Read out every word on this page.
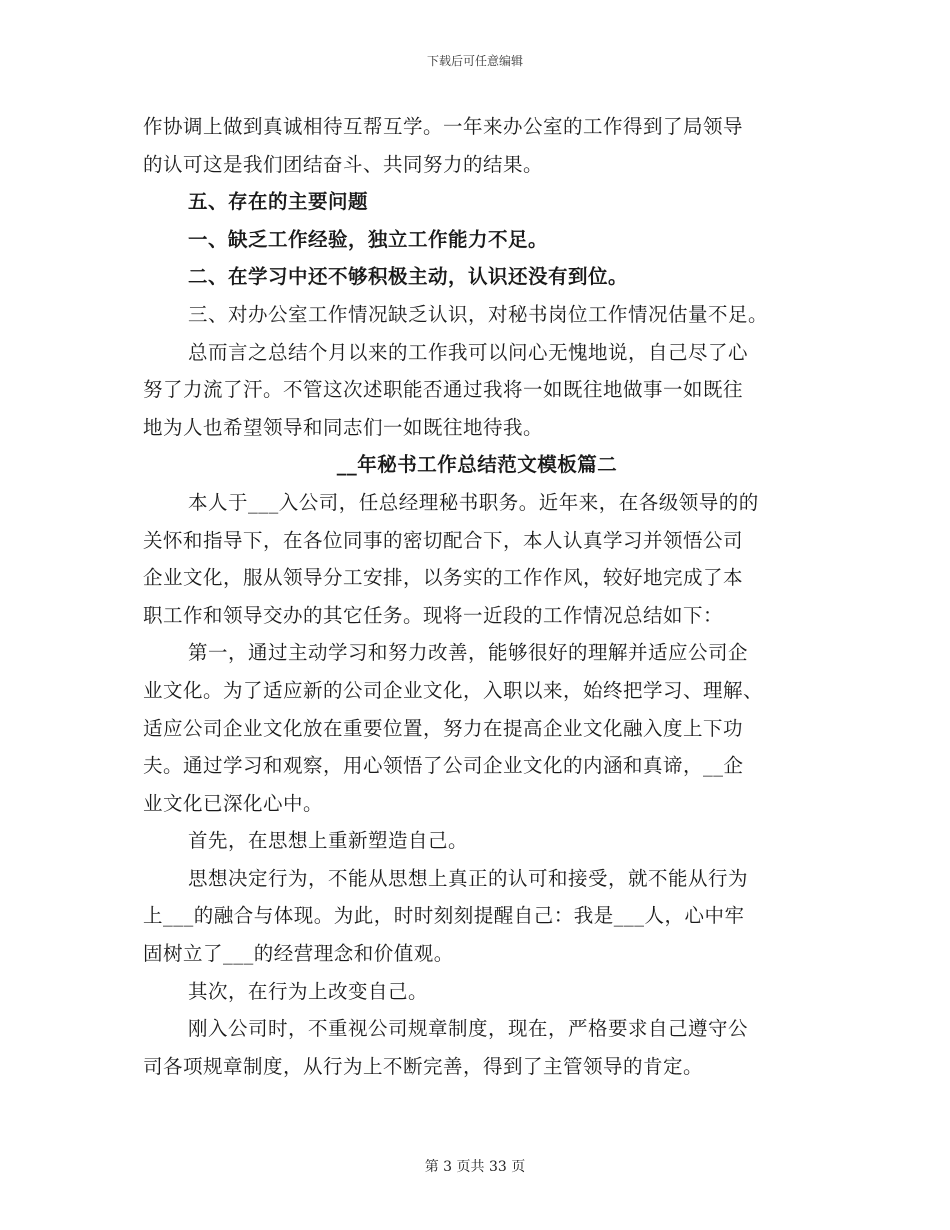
下载后可任意编辑
作协调上做到真诚相待互帮互学。一年来办公室的工作得到了局领导
的认可这是我们团结奋斗、共同努力的结果。
五、存在的主要问题
一、缺乏工作经验，独立工作能力不足。
二、在学习中还不够积极主动，认识还没有到位。
三、对办公室工作情况缺乏认识，对秘书岗位工作情况估量不足。
总而言之总结个月以来的工作我可以问心无愧地说，自己尽了心
努了力流了汗。不管这次述职能否通过我将一如既往地做事一如既往
地为人也希望领导和同志们一如既往地待我。
__年秘书工作总结范文模板篇二
本人于___入公司，任总经理秘书职务。近年来，在各级领导的的
关怀和指导下，在各位同事的密切配合下，本人认真学习并领悟公司
企业文化，服从领导分工安排，以务实的工作作风，较好地完成了本
职工作和领导交办的其它任务。现将一近段的工作情况总结如下：
第一，通过主动学习和努力改善，能够很好的理解并适应公司企
业文化。为了适应新的公司企业文化，入职以来，始终把学习、理解、
适应公司企业文化放在重要位置，努力在提高企业文化融入度上下功
夫。通过学习和观察，用心领悟了公司企业文化的内涵和真谛，__企
业文化已深化心中。
首先，在思想上重新塑造自己。
思想决定行为，不能从思想上真正的认可和接受，就不能从行为
上___的融合与体现。为此，时时刻刻提醒自己：我是___人，心中牢
固树立了___的经营理念和价值观。
其次，在行为上改变自己。
刚入公司时，不重视公司规章制度，现在，严格要求自己遵守公
司各项规章制度，从行为上不断完善，得到了主管领导的肯定。
第 3 页共 33 页
